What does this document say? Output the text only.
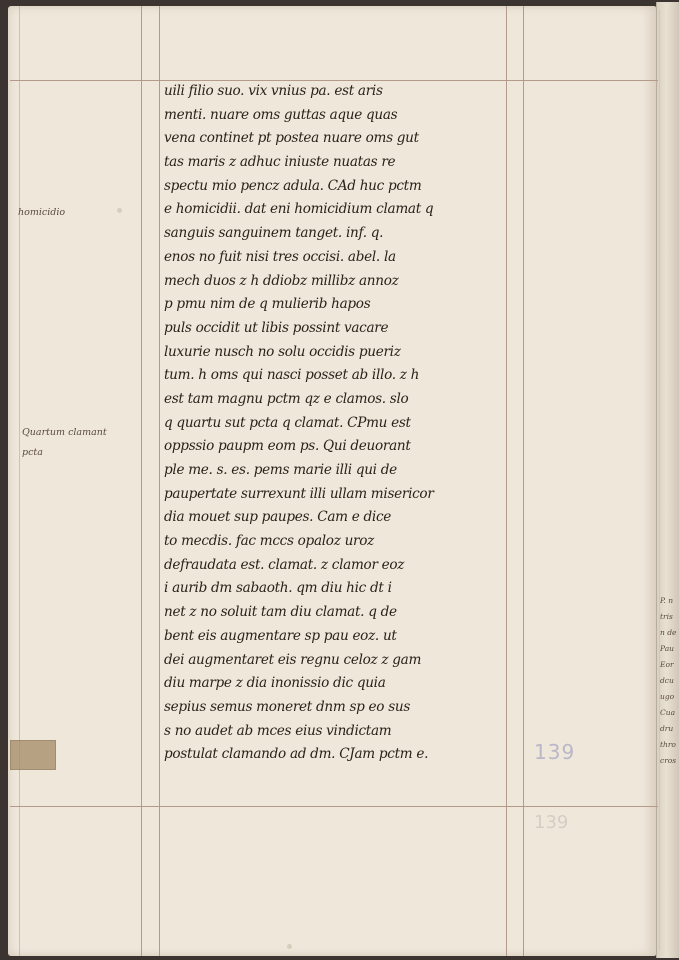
uili filio suo. vix vnius pa. est aris
menti. nuare oms guttas aque quas
vena continet pt postea nuare oms gut
tas maris z adhuc iniuste nuatas re
spectu mio pencz adula. CAd huc pctm
e homicidii. dat eni homicidium clamat q
sanguis sanguinem tanget. inf. q.
enos no fuit nisi tres occisi. abel. la
mech duos z h ddiobz millibz annoz
p pmu nim de q mulierib hapos
puls occidit ut libis possint vacare
luxurie nusch no solu occidis pueriz
tum. h oms qui nasci posset ab illo. z h
est tam magnu pctm qz e clamos. slo
q quartu sut pcta q clamat. CPmu est
oppssio paupm eom ps. Qui deuorant
ple me. s. es. pems marie illi qui de
paupertate surrexunt illi ullam misericor
dia mouet sup paupes. Cam e dice
to mecdis. fac mccs opaloz uroz
defraudata est. clamat. z clamor eoz
i aurib dm sabaoth. qm diu hic dt i
net z no soluit tam diu clamat. q de
bent eis augmentare sp pau eoz. ut
dei augmentaret eis regnu celoz z gam
diu marpe z dia inonissio dic quia
sepius semus moneret dnm sp eo sus
s no audet ab mces eius vindictam
postulat clamando ad dm. CJam pctm e.
homicidio
Quartum clamant
pcta
139
139
P. n
tris
n de
Pau
Eor
dcu
ugo
Cua
dru
thro
cros
